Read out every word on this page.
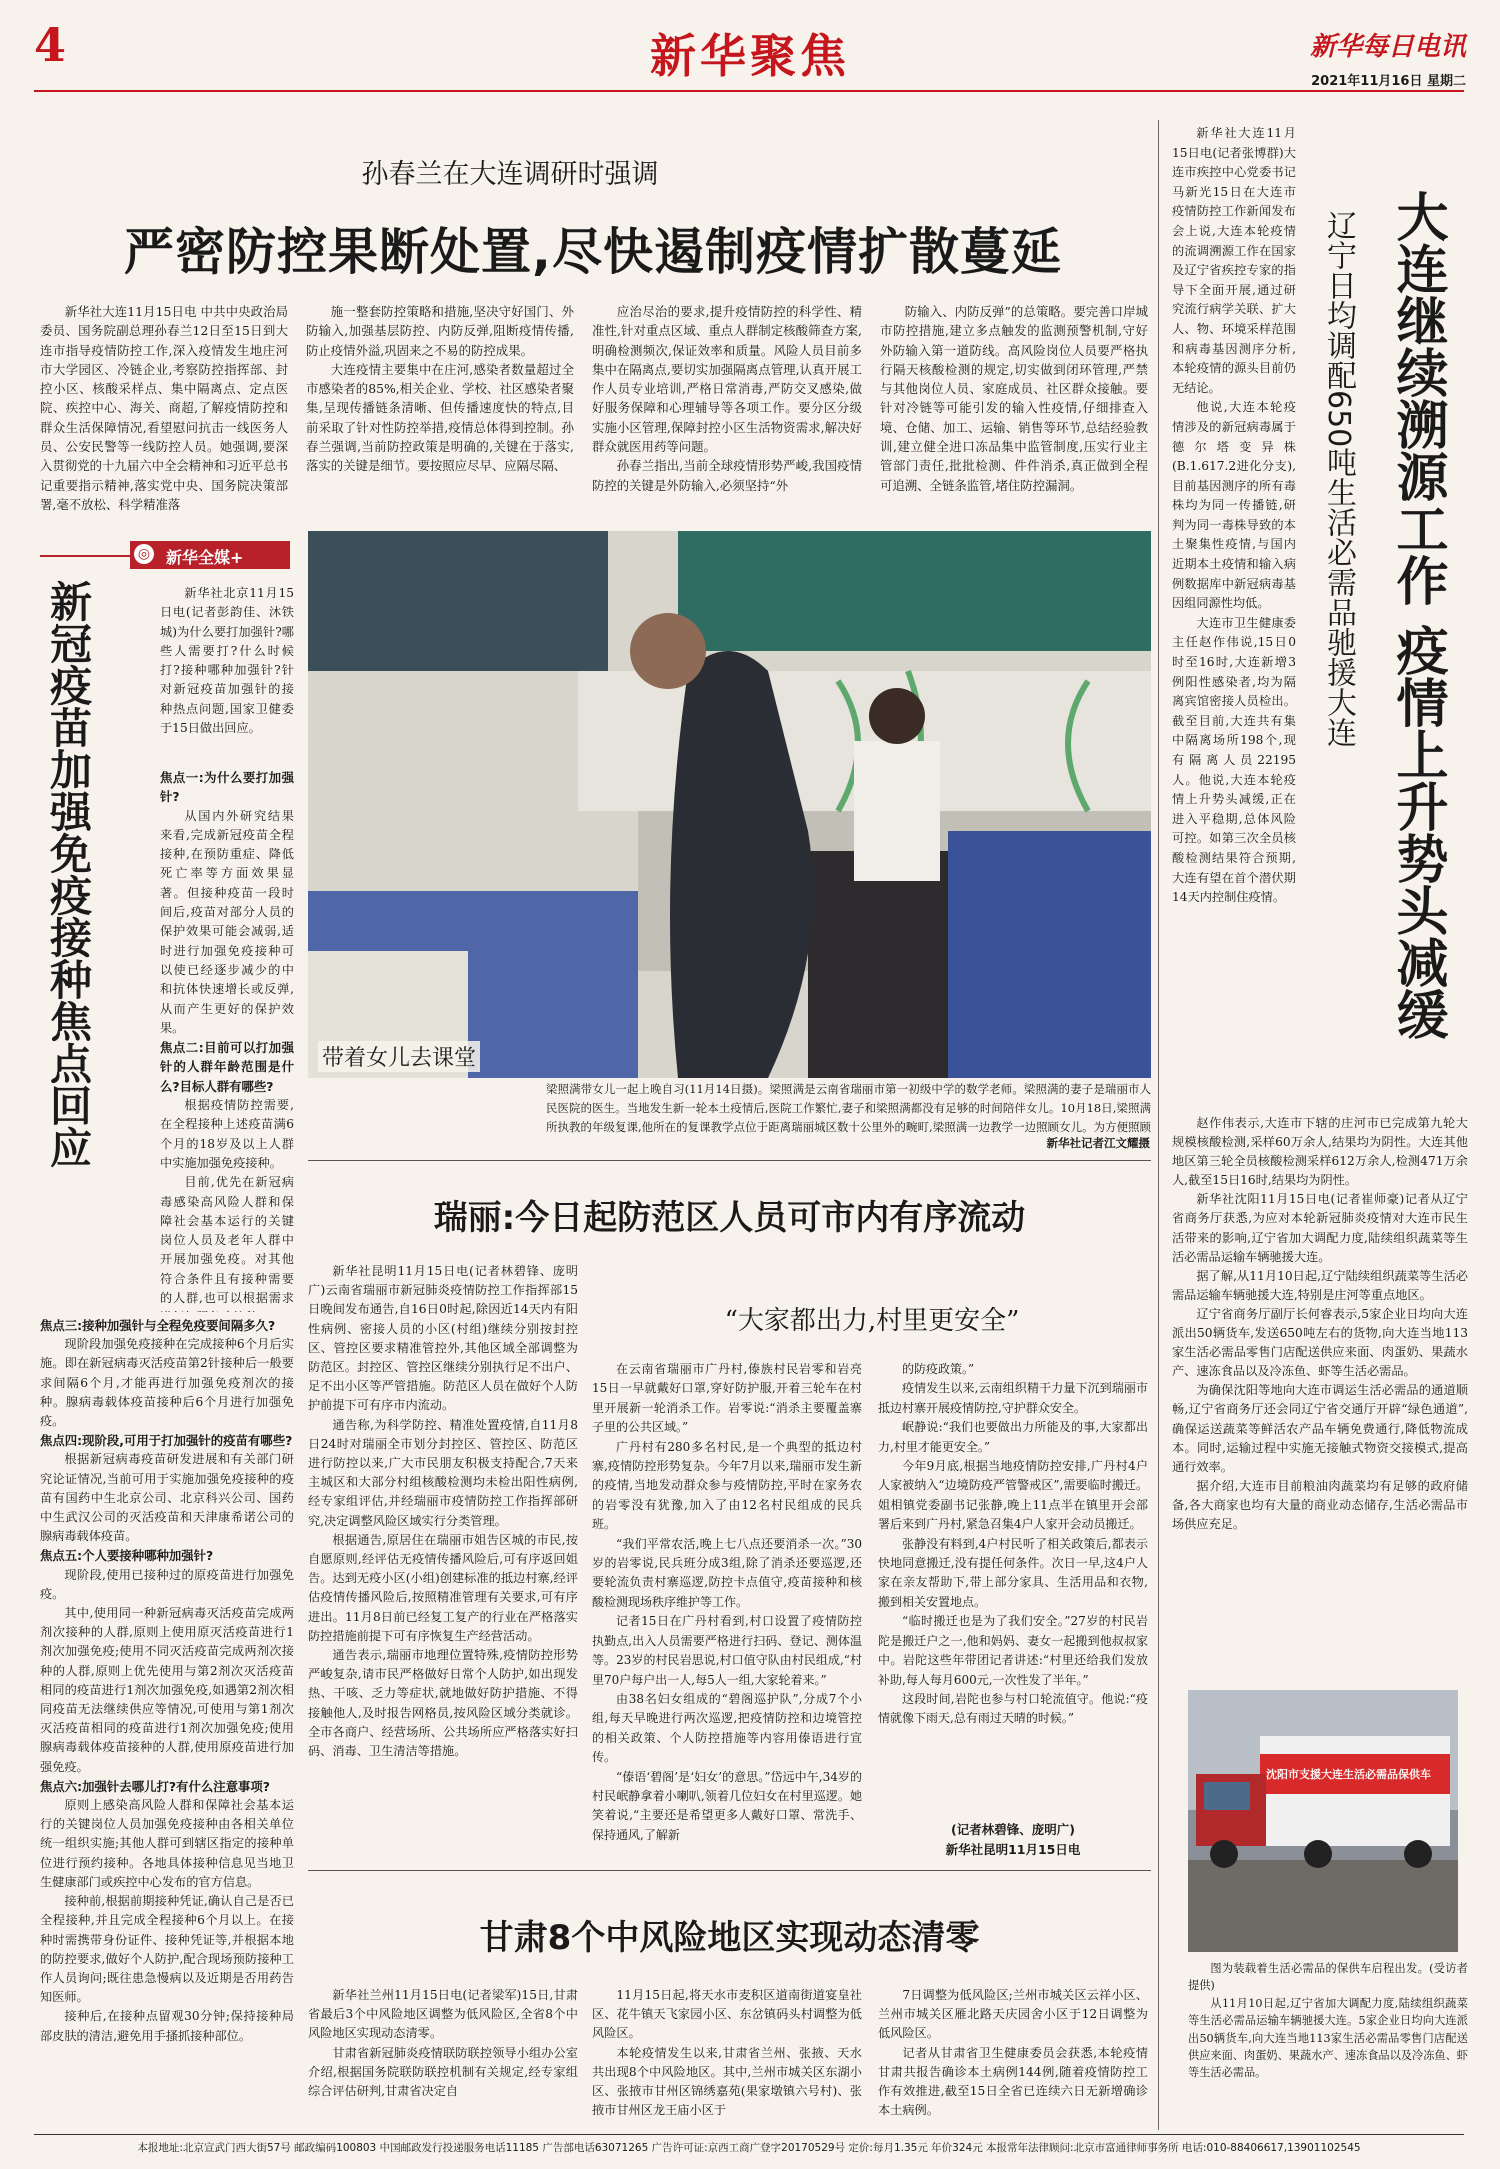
4	新华聚焦	新华每日电讯
2021年11月16日 星期二
孙春兰在大连调研时强调
严密防控果断处置,尽快遏制疫情扩散蔓延

新华社大连11月15日电 中共中央政治局委员、国务院副总理孙春兰12日至15日到大连市指导疫情防控工作,深入疫情发生地庄河市大学园区、冷链企业,考察防控指挥部、封控小区、核酸采样点、集中隔离点、定点医院、疾控中心、海关、商超,了解疫情防控和群众生活保障情况,看望慰问抗击一线医务人员、公安民警等一线防控人员。她强调,要深入贯彻党的十九届六中全会精神和习近平总书记重要指示精神,落实党中央、国务院决策部署,毫不放松、科学精准落

施一整套防控策略和措施,坚决守好国门、外防输入,加强基层防控、内防反弹,阻断疫情传播,防止疫情外溢,巩固来之不易的防控成果。

大连疫情主要集中在庄河,感染者数量超过全市感染者的85%,相关企业、学校、社区感染者聚集,呈现传播链条清晰、但传播速度快的特点,目前采取了针对性防控举措,疫情总体得到控制。孙春兰强调,当前防控政策是明确的,关键在于落实,落实的关键是细节。要按照应尽早、应隔尽隔、

应治尽治的要求,提升疫情防控的科学性、精准性,针对重点区域、重点人群制定核酸筛查方案,明确检测频次,保证效率和质量。风险人员目前多集中在隔离点,要切实加强隔离点管理,认真开展工作人员专业培训,严格日常消毒,严防交叉感染,做好服务保障和心理辅导等各项工作。要分区分级实施小区管理,保障封控小区生活物资需求,解决好群众就医用药等问题。

孙春兰指出,当前全球疫情形势严峻,我国疫情防控的关键是外防输入,必须坚持“外

防输入、内防反弹”的总策略。要完善口岸城市防控措施,建立多点触发的监测预警机制,守好外防输入第一道防线。高风险岗位人员要严格执行隔天核酸检测的规定,切实做到闭环管理,严禁与其他岗位人员、家庭成员、社区群众接触。要针对冷链等可能引发的输入性疫情,仔细排查入境、仓储、加工、运输、销售等环节,总结经验教训,建立健全进口冻品集中监管制度,压实行业主管部门责任,批批检测、件件消杀,真正做到全程可追溯、全链条监管,堵住防控漏洞。

新华社大连11月15日电(记者张博群)大连市疾控中心党委书记马新光15日在大连市疫情防控工作新闻发布会上说,大连本轮疫情的流调溯源工作在国家及辽宁省疾控专家的指导下全面开展,通过研究流行病学关联、扩大人、物、环境采样范围和病毒基因测序分析,本轮疫情的源头目前仍无结论。

他说,大连本轮疫情涉及的新冠病毒属于德尔塔变异株(B.1.617.2进化分支),目前基因测序的所有毒株均为同一传播链,研判为同一毒株导致的本土聚集性疫情,与国内近期本土疫情和输入病例数据库中新冠病毒基因组同源性均低。

大连市卫生健康委主任赵作伟说,15日0时至16时,大连新增3例阳性感染者,均为隔离宾馆密接人员检出。截至目前,大连共有集中隔离场所198个,现有隔离人员22195人。他说,大连本轮疫情上升势头减缓,正在进入平稳期,总体风险可控。如第三次全员核酸检测结果符合预期,大连有望在首个潜伏期14天内控制住疫情。 大连继续溯源工作 疫情上升势头减缓
辽宁日均调配650吨生活必需品驰援大连

赵作伟表示,大连市下辖的庄河市已完成第九轮大规模核酸检测,采样60万余人,结果均为阴性。大连其他地区第三轮全员核酸检测采样612万余人,检测471万余人,截至15日16时,结果均为阴性。

新华社沈阳11月15日电(记者崔师豪)记者从辽宁省商务厅获悉,为应对本轮新冠肺炎疫情对大连市民生活带来的影响,辽宁省加大调配力度,陆续组织蔬菜等生活必需品运输车辆驰援大连。

据了解,从11月10日起,辽宁陆续组织蔬菜等生活必需品运输车辆驰援大连,特别是庄河等重点地区。

辽宁省商务厅副厅长何睿表示,5家企业日均向大连派出50辆货车,发送650吨左右的货物,向大连当地113家生活必需品零售门店配送供应来面、肉蛋奶、果蔬水产、速冻食品以及冷冻鱼、虾等生活必需品。

为确保沈阳等地向大连市调运生活必需品的通道顺畅,辽宁省商务厅还会同辽宁省交通厅开辟“绿色通道”,确保运送蔬菜等鲜活农产品车辆免费通行,降低物流成本。同时,运输过程中实施无接触式物资交接模式,提高通行效率。

据介绍,大连市目前粮油肉蔬菜均有足够的政府储备,各大商家也均有大量的商业动态储存,生活必需品市场供应充足。

沈阳市支援大连生活必需品保供车

图为装载着生活必需品的保供车启程出发。(受访者提供)

从11月10日起,辽宁省加大调配力度,陆续组织蔬菜等生活必需品运输车辆驰援大连。5家企业日均向大连派出50辆货车,向大连当地113家生活必需品零售门店配送供应来面、肉蛋奶、果蔬水产、速冻食品以及冷冻鱼、虾等生活必需品。

◎ 新华全媒+
新冠疫苗加强免疫接种焦点回应	新华社北京11月15日电(记者彭韵佳、沐铁城)为什么要打加强针?哪些人需要打?什么时候打?接种哪种加强针?针对新冠疫苗加强针的接种热点问题,国家卫健委于15日做出回应。

焦点一:为什么要打加强针?

从国内外研究结果来看,完成新冠疫苗全程接种,在预防重症、降低死亡率等方面效果显著。但接种疫苗一段时间后,疫苗对部分人员的保护效果可能会减弱,适时进行加强免疫接种可以使已经逐步减少的中和抗体快速增长或反弹,从而产生更好的保护效果。

焦点二:目前可以打加强针的人群年龄范围是什么?目标人群有哪些?

根据疫情防控需要,在全程接种上述疫苗满6个月的18岁及以上人群中实施加强免疫接种。

目前,优先在新冠病毒感染高风险人群和保障社会基本运行的关键岗位人员及老年人群中开展加强免疫。对其他符合条件且有接种需要的人群,也可以根据需求

焦点三:接种加强针与全程免疫要间隔多久?

现阶段加强免疫接种在完成接种6个月后实施。即在新冠病毒灭活疫苗第2针接种后一般要求间隔6个月,才能再进行加强免疫剂次的接种。腺病毒载体疫苗接种后6个月进行加强免疫。

焦点四:现阶段,可用于打加强针的疫苗有哪些?

根据新冠病毒疫苗研发进展和有关部门研究论证情况,当前可用于实施加强免疫接种的疫苗有国药中生北京公司、北京科兴公司、国药中生武汉公司的灭活疫苗和天津康希诺公司的腺病毒载体疫苗。

焦点五:个人要接种哪种加强针?

现阶段,使用已接种过的原疫苗进行加强免疫。

其中,使用同一种新冠病毒灭活疫苗完成两剂次接种的人群,原则上使用原灭活疫苗进行1剂次加强免疫;使用不同灭活疫苗完成两剂次接种的人群,原则上优先使用与第2剂次灭活疫苗相同的疫苗进行1剂次加强免疫,如遇第2剂次相同疫苗无法继续供应等情况,可使用与第1剂次灭活疫苗相同的疫苗进行1剂次加强免疫;使用腺病毒载体疫苗接种的人群,使用原疫苗进行加强免疫。

焦点六:加强针去哪儿打?有什么注意事项?

原则上感染高风险人群和保障社会基本运行的关键岗位人员加强免疫接种由各相关单位统一组织实施;其他人群可到辖区指定的接种单位进行预约接种。各地具体接种信息见当地卫生健康部门或疾控中心发布的官方信息。

接种前,根据前期接种凭证,确认自己是否已全程接种,并且完成全程接种6个月以上。在接种时需携带身份证件、接种凭证等,并根据本地的防控要求,做好个人防护,配合现场预防接种工作人员询问;既往患急慢病以及近期是否用药告知医师。

接种后,在接种点留观30分钟;保持接种局部皮肤的清洁,避免用手搔抓接种部位。

带着女儿去课堂

梁照满带女儿一起上晚自习(11月14日摄)。梁照满是云南省瑞丽市第一初级中学的数学老师。梁照满的妻子是瑞丽市人民医院的医生。当地发生新一轮本土疫情后,医院工作繁忙,妻子和梁照满都没有足够的时间陪伴女儿。10月18日,梁照满所执教的年级复课,他所在的复课教学点位于距离瑞丽城区数十公里外的畹町,梁照满一边教学一边照顾女儿。为方便照顾

新华社记者江文耀摄
瑞丽:今日起防范区人员可市内有序流动

新华社昆明11月15日电(记者林碧锋、庞明广)云南省瑞丽市新冠肺炎疫情防控工作指挥部15日晚间发布通告,自16日0时起,除因近14天内有阳性病例、密接人员的小区(村组)继续分别按封控区、管控区要求精准管控外,其他区域全部调整为防范区。封控区、管控区继续分别执行足不出户、足不出小区等严管措施。防范区人员在做好个人防护前提下可有序市内流动。

通告称,为科学防控、精准处置疫情,自11月8日24时对瑞丽全市划分封控区、管控区、防范区进行防控以来,广大市民朋友积极支持配合,7天来主城区和大部分村组核酸检测均未检出阳性病例,经专家组评估,并经瑞丽市疫情防控工作指挥部研究,决定调整风险区域实行分类管理。

根据通告,原居住在瑞丽市姐告区城的市民,按自愿原则,经评估无疫情传播风险后,可有序返回姐告。达到无疫小区(小组)创建标准的抵边村寨,经评估疫情传播风险后,按照精准管理有关要求,可有序进出。11月8日前已经复工复产的行业在严格落实防控措施前提下可有序恢复生产经营活动。

通告表示,瑞丽市地理位置特殊,疫情防控形势严峻复杂,请市民严格做好日常个人防护,如出现发热、干咳、乏力等症状,就地做好防护措施、不得接触他人,及时报告网格员,按风险区域分类就诊。全市各商户、经营场所、公共场所应严格落实好扫码、消毒、卫生清洁等措施。

“大家都出力,村里更安全”

在云南省瑞丽市广丹村,傣族村民岩零和岩亮15日一早就戴好口罩,穿好防护服,开着三轮车在村里开展新一轮消杀工作。岩零说:“消杀主要覆盖寨子里的公共区域。”

广丹村有280多名村民,是一个典型的抵边村寨,疫情防控形势复杂。今年7月以来,瑞丽市发生新的疫情,当地发动群众参与疫情防控,平时在家务农的岩零没有犹豫,加入了由12名村民组成的民兵班。

“我们平常农活,晚上七八点还要消杀一次。”30岁的岩零说,民兵班分成3组,除了消杀还要巡逻,还要轮流负责村寨巡逻,防控卡点值守,疫苗接种和核酸检测现场秩序维护等工作。

记者15日在广丹村看到,村口设置了疫情防控执勤点,出入人员需要严格进行扫码、登记、测体温等。23岁的村民岩思说,村口值守队由村民组成,“村里70户每户出一人,每5人一组,大家轮着来。”

由38名妇女组成的“碧阁巡护队”,分成7个小组,每天早晚进行两次巡逻,把疫情防控和边境管控的相关政策、个人防控措施等内容用傣语进行宣传。

“傣语‘碧阁’是‘妇女’的意思。”岱远中午,34岁的村民岷静拿着小喇叭,领着几位妇女在村里巡逻。她笑着说,“主要还是希望更多人戴好口罩、常洗手、保持通风,了解新

的防疫政策。”

疫情发生以来,云南组织精干力量下沉到瑞丽市抵边村寨开展疫情防控,守护群众安全。

岷静说:“我们也要做出力所能及的事,大家都出力,村里才能更安全。”

今年9月底,根据当地疫情防控安排,广丹村4户人家被纳入“边境防疫严管警戒区”,需要临时搬迁。姐相镇党委副书记张静,晚上11点半在镇里开会部署后来到广丹村,紧急召集4户人家开会动员搬迁。

张静没有料到,4户村民听了相关政策后,都表示快地同意搬迁,没有提任何条件。次日一早,这4户人家在亲友帮助下,带上部分家具、生活用品和衣物,搬到相关安置地点。

“临时搬迁也是为了我们安全。”27岁的村民岩陀是搬迁户之一,他和妈妈、妻女一起搬到他叔叔家中。岩陀这些年带团记者讲述:“村里还给我们发放补助,每人每月600元,一次性发了半年。”

这段时间,岩陀也参与村口轮流值守。他说:“疫情就像下雨天,总有雨过天晴的时候。”

(记者林碧锋、庞明广)
新华社昆明11月15日电
甘肃8个中风险地区实现动态清零

新华社兰州11月15日电(记者梁军)15日,甘肃省最后3个中风险地区调整为低风险区,全省8个中风险地区实现动态清零。

甘肃省新冠肺炎疫情联防联控领导小组办公室介绍,根据国务院联防联控机制有关规定,经专家组综合评估研判,甘肃省决定自

11月15日起,将天水市麦积区道南街道宴皇社区、花牛镇天飞家园小区、东岔镇码头村调整为低风险区。

本轮疫情发生以来,甘肃省兰州、张掖、天水共出现8个中风险地区。其中,兰州市城关区东湖小区、张掖市甘州区锦绣嘉苑(果家墩镇六号村)、张掖市甘州区龙王庙小区于

7日调整为低风险区;兰州市城关区云祥小区、兰州市城关区雁北路天庆园舍小区于12日调整为低风险区。

记者从甘肃省卫生健康委员会获悉,本轮疫情甘肃共报告确诊本土病例144例,随着疫情防控工作有效推进,截至15日全省已连续六日无新增确诊本土病例。

本报地址:北京宣武门西大街57号 邮政编码100803 中国邮政发行投递服务电话11185 广告部电话63071265 广告许可证:京西工商广登字20170529号 定价:每月1.35元 年价324元 本报常年法律顾问:北京市富通律师事务所 电话:010-88406617,13901102545
